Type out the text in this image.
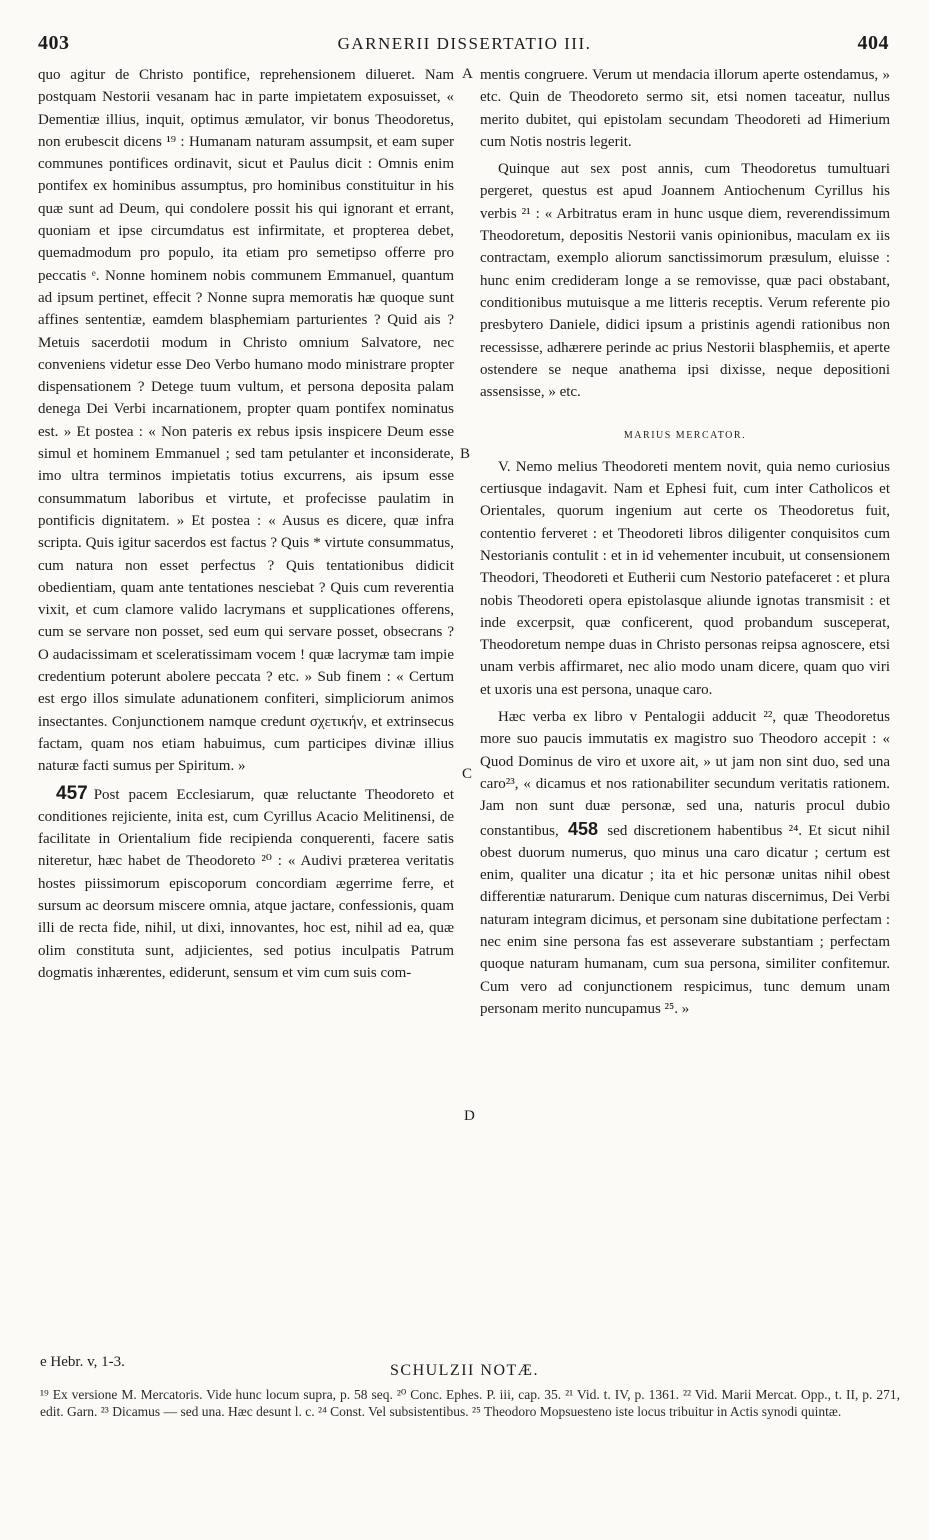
403	GARNERII DISSERTATIO III.	404
A
B
C
D

quo agitur de Christo pontifice, reprehensionem dilueret. Nam postquam Nestorii vesanam hac in parte impietatem exposuisset, « Dementiæ illius, inquit, optimus æmulator, vir bonus Theodoretus, non erubescit dicens ¹⁹ : Humanam naturam assumpsit, et eam super communes pontifices ordinavit, sicut et Paulus dicit : Omnis enim pontifex ex hominibus assumptus, pro hominibus constituitur in his quæ sunt ad Deum, qui condolere possit his qui ignorant et errant, quoniam et ipse circumdatus est infirmitate, et propterea debet, quemadmodum pro populo, ita etiam pro semetipso offerre pro peccatis ᵉ. Nonne hominem nobis communem Emmanuel, quantum ad ipsum pertinet, effecit ? Nonne supra memoratis hæ quoque sunt affines sententiæ, eamdem blasphemiam parturientes ? Quid ais ? Metuis sacerdotii modum in Christo omnium Salvatore, nec conveniens videtur esse Deo Verbo humano modo ministrare propter dispensationem ? Detege tuum vultum, et persona deposita palam denega Dei Verbi incarnationem, propter quam pontifex nominatus est. » Et postea : « Non pateris ex rebus ipsis inspicere Deum esse simul et hominem Emmanuel ; sed tam petulanter et inconsiderate, imo ultra terminos impietatis totius excurrens, ais ipsum esse consummatum laboribus et virtute, et profecisse paulatim in pontificis dignitatem. » Et postea : « Ausus es dicere, quæ infra scripta. Quis igitur sacerdos est factus ? Quis * virtute consummatus, cum natura non esset perfectus ? Quis tentationibus didicit obedientiam, quam ante tentationes nesciebat ? Quis cum reverentia vixit, et cum clamore valido lacrymans et supplicationes offerens, cum se servare non posset, sed eum qui servare posset, obsecrans ? O audacissimam et sceleratissimam vocem ! quæ lacrymæ tam impie credentium poterunt abolere peccata ? etc. » Sub finem : « Certum est ergo illos simulate adunationem confiteri, simpliciorum animos insectantes. Conjunctionem namque credunt σχετικήν, et extrinsecus factam, quam nos etiam habuimus, cum participes divinæ illius naturæ facti sumus per Spiritum. »

457 Post pacem Ecclesiarum, quæ reluctante Theodoreto et conditiones rejiciente, inita est, cum Cyrillus Acacio Melitinensi, de facilitate in Orientalium fide recipienda conquerenti, facere satis niteretur, hæc habet de Theodoreto ²⁰ : « Audivi præterea veritatis hostes piissimorum episcoporum concordiam ægerrime ferre, et sursum ac deorsum miscere omnia, atque jactare, confessionis, quam illi de recta fide, nihil, ut dixi, innovantes, hoc est, nihil ad ea, quæ olim constituta sunt, adjicientes, sed potius inculpatis Patrum dogmatis inhærentes, ediderunt, sensum et vim cum suis com-

mentis congruere. Verum ut mendacia illorum aperte ostendamus, » etc. Quin de Theodoreto sermo sit, etsi nomen taceatur, nullus merito dubitet, qui epistolam secundam Theodoreti ad Himerium cum Notis nostris legerit.

Quinque aut sex post annis, cum Theodoretus tumultuari pergeret, questus est apud Joannem Antiochenum Cyrillus his verbis ²¹ : « Arbitratus eram in hunc usque diem, reverendissimum Theodoretum, depositis Nestorii vanis opinionibus, maculam ex iis contractam, exemplo aliorum sanctissimorum præsulum, eluisse : hunc enim credideram longe a se removisse, quæ paci obstabant, conditionibus mutuisque a me litteris receptis. Verum referente pio presbytero Daniele, didici ipsum a pristinis agendi rationibus non recessisse, adhærere perinde ac prius Nestorii blasphemiis, et aperte ostendere se neque anathema ipsi dixisse, neque depositioni assensisse, » etc.

MARIUS MERCATOR.

V. Nemo melius Theodoreti mentem novit, quia nemo curiosius certiusque indagavit. Nam et Ephesi fuit, cum inter Catholicos et Orientales, quorum ingenium aut certe os Theodoretus fuit, contentio ferveret : et Theodoreti libros diligenter conquisitos cum Nestorianis contulit : et in id vehementer incubuit, ut consensionem Theodori, Theodoreti et Eutherii cum Nestorio patefaceret : et plura nobis Theodoreti opera epistolasque aliunde ignotas transmisit : et inde excerpsit, quæ conficerent, quod probandum susceperat, Theodoretum nempe duas in Christo personas reipsa agnoscere, etsi unam verbis affirmaret, nec alio modo unam dicere, quam quo viri et uxoris una est persona, unaque caro.

Hæc verba ex libro v Pentalogii adducit ²², quæ Theodoretus more suo paucis immutatis ex magistro suo Theodoro accepit : « Quod Dominus de viro et uxore ait, » ut jam non sint duo, sed una caro²³, « dicamus et nos rationabiliter secundum veritatis rationem. Jam non sunt duæ personæ, sed una, naturis procul dubio constantibus, 458 sed discretionem habentibus ²⁴. Et sicut nihil obest duorum numerus, quo minus una caro dicatur ; certum est enim, qualiter una dicatur ; ita et hic personæ unitas nihil obest differentiæ naturarum. Denique cum naturas discernimus, Dei Verbi naturam integram dicimus, et personam sine dubitatione perfectam : nec enim sine persona fas est asseverare substantiam ; perfectam quoque naturam humanam, cum sua persona, similiter confitemur. Cum vero ad conjunctionem respicimus, tunc demum unam personam merito nuncupamus ²⁵. »

e Hebr. v, 1-3.	SCHULZII NOTÆ.
¹⁹ Ex versione M. Mercatoris. Vide hunc locum supra, p. 58 seq. ²⁰ Conc. Ephes. P. iii, cap. 35. ²¹ Vid. t. IV, p. 1361. ²² Vid. Marii Mercat. Opp., t. II, p. 271, edit. Garn. ²³ Dicamus — sed una. Hæc desunt l. c. ²⁴ Const. Vel subsistentibus. ²⁵ Theodoro Mopsuesteno iste locus tribuitur in Actis synodi quintæ.
